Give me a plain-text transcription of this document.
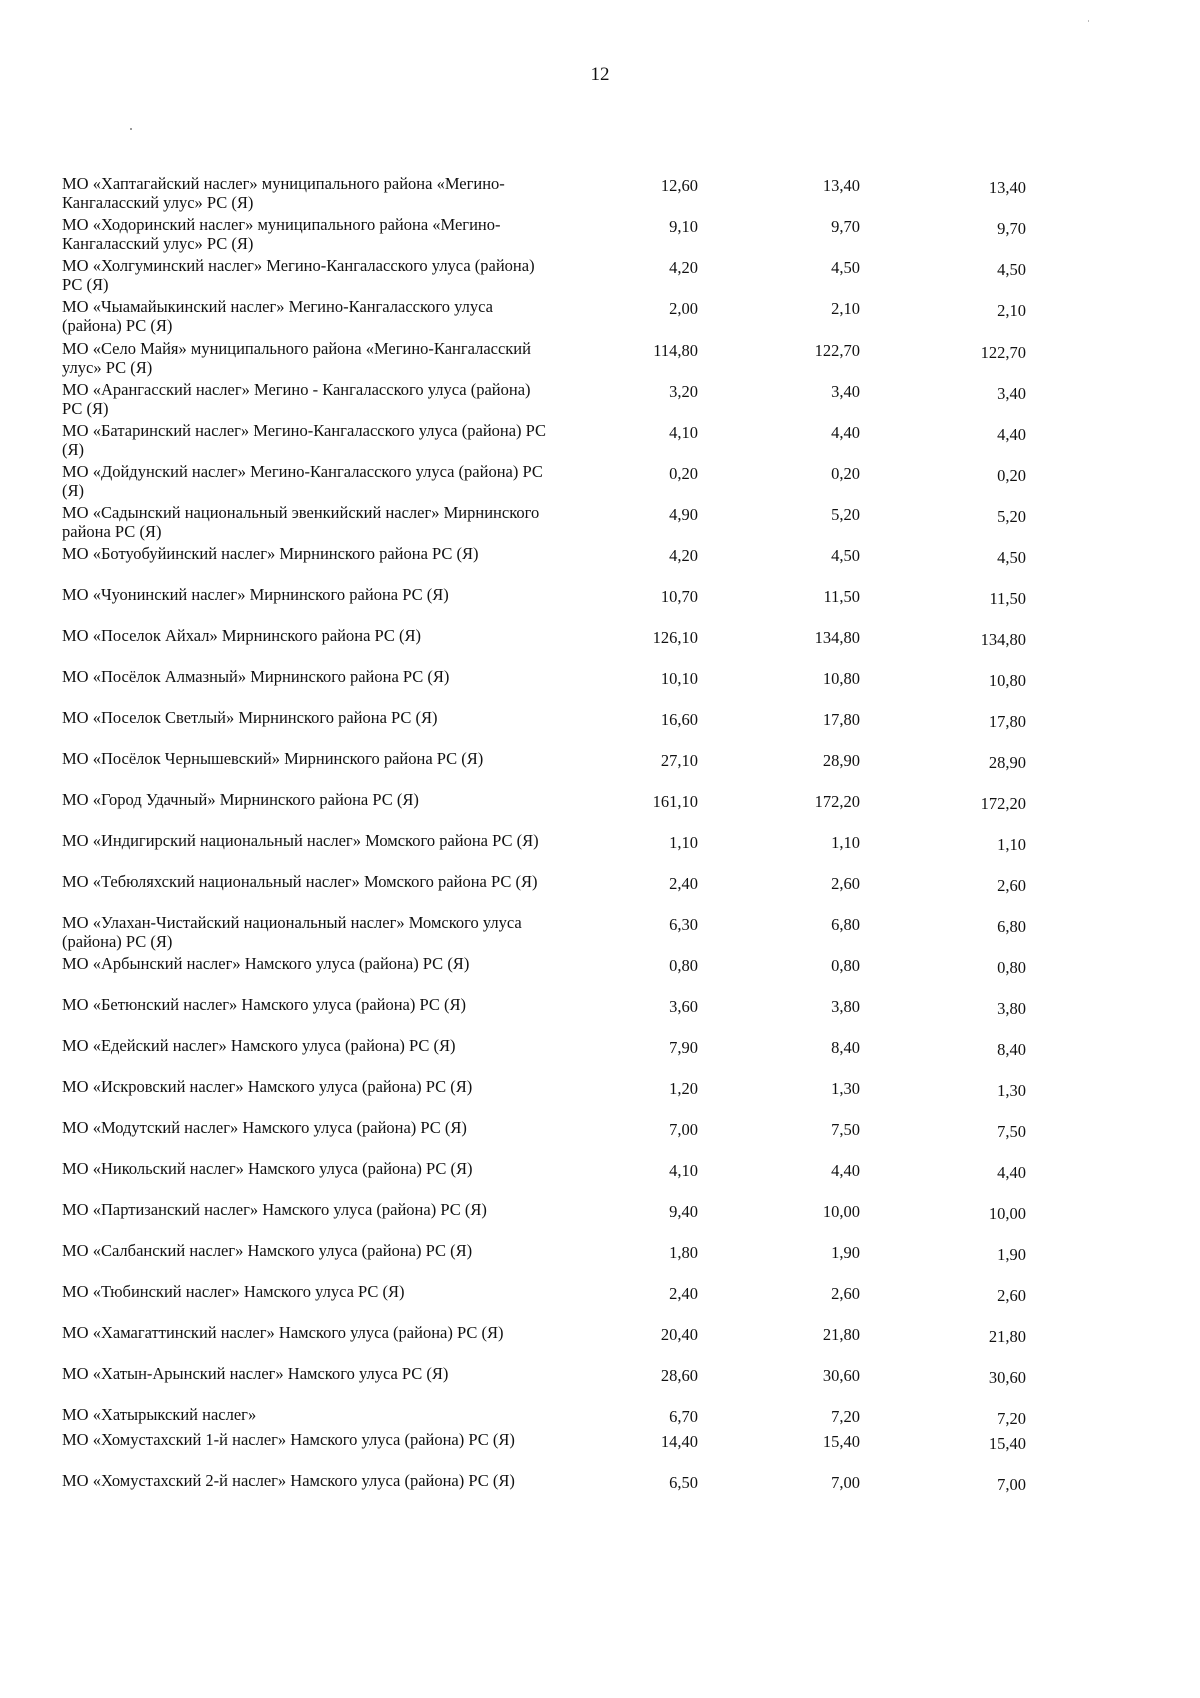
12
МО «Хаптагайский наслег» муниципального района «Мегино-Кангаласский улус» РС (Я)
12,60	13,40	13,40
МО «Ходоринский наслег» муниципального района «Мегино-Кангаласский улус» РС (Я)
9,10	9,70	9,70
МО «Холгуминский наслег» Мегино-Кангаласского улуса (района) РС (Я)
4,20	4,50	4,50
МО «Чыамайыкинский наслег» Мегино-Кангаласского улуса (района) РС (Я)
2,00	2,10	2,10
МО «Село Майя» муниципального района «Мегино-Кангаласский улус» РС (Я)
114,80	122,70	122,70
МО «Арангасский наслег» Мегино - Кангаласского улуса (района) РС (Я)
3,20	3,40	3,40
МО «Батаринский наслег» Мегино-Кангаласского улуса (района) РС (Я)
4,10	4,40	4,40
МО «Дойдунский наслег» Мегино-Кангаласского улуса (района) РС (Я)
0,20	0,20	0,20
МО «Садынский национальный эвенкийский наслег» Мирнинского района РС (Я)
4,90	5,20	5,20
МО «Ботуобуйинский наслег» Мирнинского района РС (Я)	4,20	4,50	4,50
МО «Чуонинский наслег» Мирнинского района РС (Я)	10,70	11,50	11,50
МО «Поселок Айхал» Мирнинского района РС (Я)	126,10	134,80	134,80
МО «Посёлок Алмазный» Мирнинского района РС (Я)	10,10	10,80	10,80
МО «Поселок Светлый» Мирнинского района РС (Я)	16,60	17,80	17,80
МО «Посёлок Чернышевский» Мирнинского района РС (Я)	27,10	28,90	28,90
МО «Город Удачный» Мирнинского района РС (Я)	161,10	172,20	172,20
МО «Индигирский национальный наслег» Момского района РС (Я)	1,10	1,10	1,10
МО «Тебюляхский национальный наслег» Момского района РС (Я)	2,40	2,60	2,60
МО «Улахан-Чистайский национальный наслег» Момского улуса (района) РС (Я)
6,30	6,80	6,80
МО «Арбынский наслег» Намского улуса (района) РС (Я)	0,80	0,80	0,80
МО «Бетюнский наслег» Намского улуса (района) РС (Я)	3,60	3,80	3,80
МО «Едейский наслег» Намского улуса (района) РС (Я)	7,90	8,40	8,40
МО «Искровский наслег» Намского улуса (района) РС (Я)	1,20	1,30	1,30
МО «Модутский наслег» Намского улуса (района) РС (Я)	7,00	7,50	7,50
МО «Никольский наслег» Намского улуса (района) РС (Я)	4,10	4,40	4,40
МО «Партизанский наслег» Намского улуса (района) РС (Я)	9,40	10,00	10,00
МО «Салбанский наслег» Намского улуса (района) РС (Я)	1,80	1,90	1,90
МО «Тюбинский наслег» Намского улуса РС (Я)	2,40	2,60	2,60
МО «Хамагаттинский наслег» Намского улуса (района) РС (Я)	20,40	21,80	21,80
МО «Хатын-Арынский наслег» Намского улуса РС (Я)	28,60	30,60	30,60
МО «Хатырыкский наслег»	6,70	7,20	7,20
МО «Хомустахский 1-й наслег» Намского улуса (района) РС (Я)	14,40	15,40	15,40
МО «Хомустахский 2-й наслег» Намского улуса (района) РС (Я)	6,50	7,00	7,00
